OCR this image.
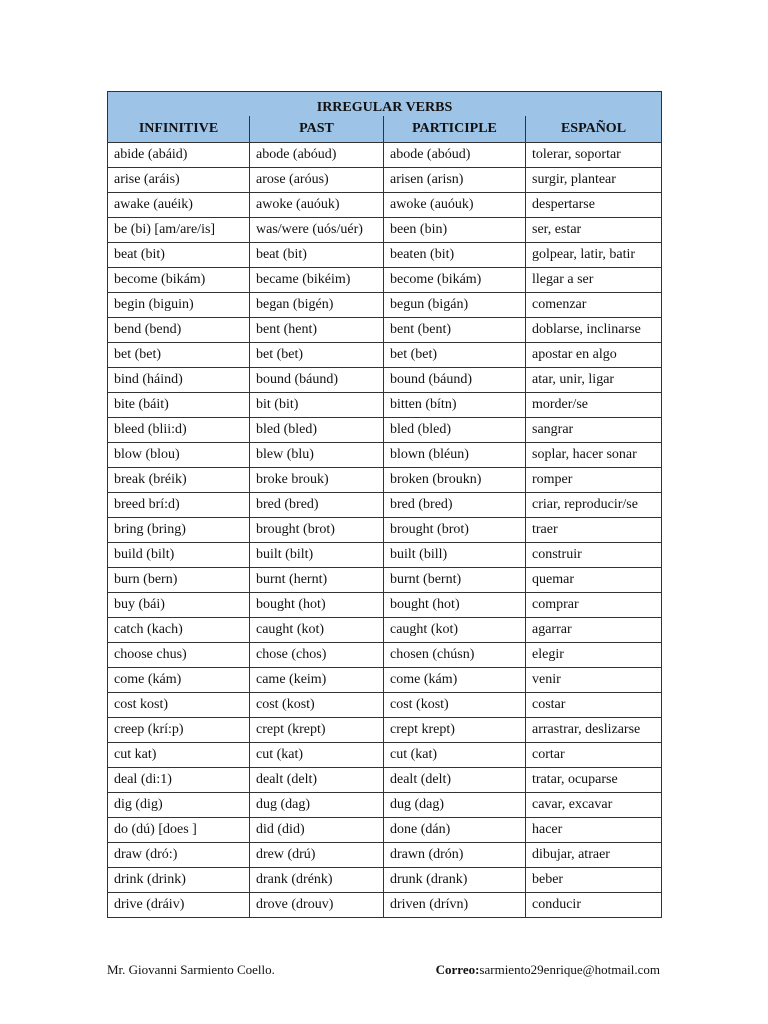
IRREGULAR VERBS			
INFINITIVE	PAST	PARTICIPLE	ESPAÑOL
abide (abáid)	abode (abóud)	abode (abóud)	tolerar, soportar
arise (aráis)	arose (aróus)	arisen (arisn)	surgir, plantear
awake (auéik)	awoke (auóuk)	awoke (auóuk)	despertarse
be (bi) [am/are/is]	was/were (uós/uér)	been (bin)	ser, estar
beat (bit)	beat (bit)	beaten (bit)	golpear, latir, batir
become (bikám)	became (bikéim)	become (bikám)	llegar a ser
begin (biguin)	began (bigén)	begun (bigán)	comenzar
bend (bend)	bent (hent)	bent (bent)	doblarse, inclinarse
bet (bet)	bet (bet)	bet (bet)	apostar en algo
bind (háind)	bound (báund)	bound (báund)	atar, unir, ligar
bite (báit)	bit (bit)	bitten (bítn)	morder/se
bleed (blii:d)	bled (bled)	bled (bled)	sangrar
blow (blou)	blew (blu)	blown (bléun)	soplar, hacer sonar
break (bréik)	broke brouk)	broken (broukn)	romper
breed brí:d)	bred (bred)	bred (bred)	criar, reproducir/se
bring (bring)	brought (brot)	brought (brot)	traer
build (bilt)	built (bilt)	built (bill)	construir
burn (bern)	burnt (hernt)	burnt (bernt)	quemar
buy (bái)	bought (hot)	bought (hot)	comprar
catch (kach)	caught (kot)	caught (kot)	agarrar
choose chus)	chose (chos)	chosen (chúsn)	elegir
come (kám)	came (keim)	come (kám)	venir
cost kost)	cost (kost)	cost (kost)	costar
creep (krí:p)	crept (krept)	crept krept)	arrastrar, deslizarse
cut kat)	cut (kat)	cut (kat)	cortar
deal (di:1)	dealt (delt)	dealt (delt)	tratar, ocuparse
dig (dig)	dug (dag)	dug (dag)	cavar, excavar
do (dú) [does ]	did (did)	done (dán)	hacer
draw (dró:)	drew (drú)	drawn (drón)	dibujar, atraer
drink (drink)	drank (drénk)	drunk (drank)	beber
drive (dráiv)	drove (drouv)	driven (drívn)	conducir
Mr. Giovanni Sarmiento Coello.	Correo:sarmiento29enrique@hotmail.com
